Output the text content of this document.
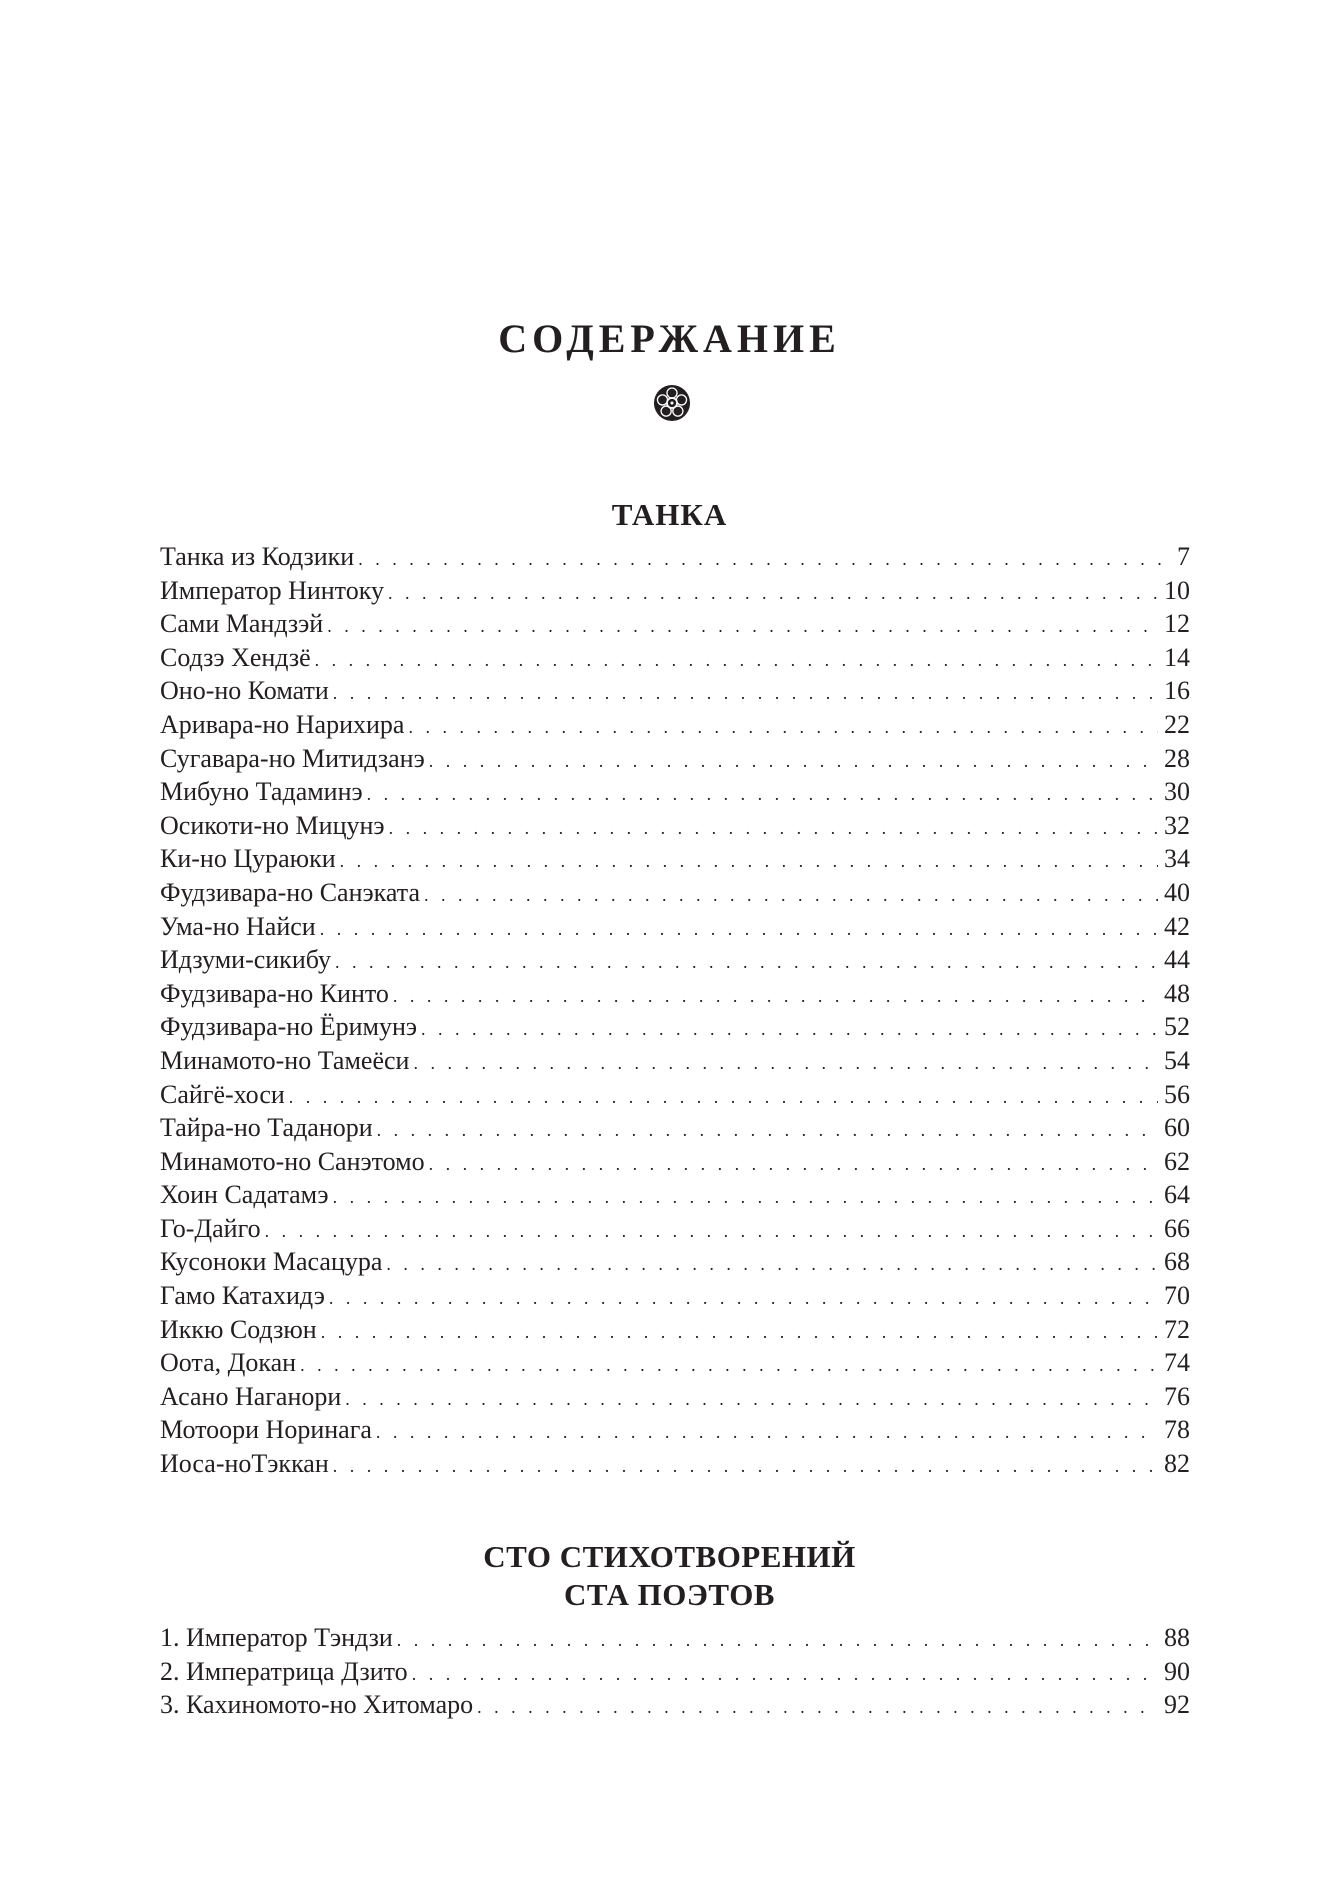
СОДЕРЖАНИЕ
ТАНКА
Танка из Кодзики . . .	7
Император Нинтоку . . .	10
Сами Мандзэй . . .	12
Содзэ Хендзё . . .	14
Оно-но Комати . . .	16
Аривара-но Нарихира . . .	22
Сугавара-но Митидзанэ . . .	28
Мибуно Тадаминэ . . .	30
Осикоти-но Мицунэ . . .	32
Ки-но Цураюки . . .	34
Фудзивара-но Санэката . . .	40
Ума-но Найси . . .	42
Идзуми-сикибу . . .	44
Фудзивара-но Кинто . . .	48
Фудзивара-но Ёримунэ . . .	52
Минамото-но Тамеёси . . .	54
Сайгё-хоси . . .	56
Тайра-но Таданори . . .	60
Минамото-но Санэтомо . . .	62
Хоин Садатамэ . . .	64
Го-Дайго . . .	66
Кусоноки Масацура . . .	68
Гамо Катахидэ . . .	70
Иккю Содзюн . . .	72
Оота, Докан . . .	74
Асано Наганори . . .	76
Мотоори Норинага . . .	78
Иоса-ноТэккан . . .	82
СТО СТИХОТВОРЕНИЙ
СТА ПОЭТОВ
1. Император Тэндзи . . .	88
2. Императрица Дзито . . .	90
3. Кахиномото-но Хитомаро . . .	92
